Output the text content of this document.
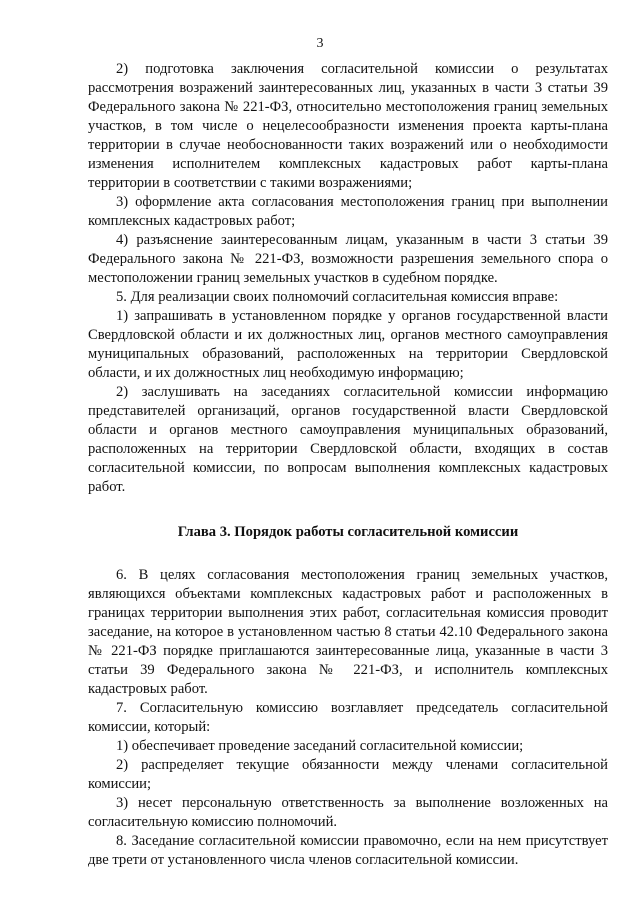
3

2) подготовка заключения согласительной комиссии о результатах рассмотрения возражений заинтересованных лиц, указанных в части 3 статьи 39 Федерального закона № 221-ФЗ, относительно местоположения границ земельных участков, в том числе о нецелесообразности изменения проекта карты-плана территории в случае необоснованности таких возражений или о необходимости изменения исполнителем комплексных кадастровых работ карты-плана территории в соответствии с такими возражениями;

3) оформление акта согласования местоположения границ при выполнении комплексных кадастровых работ;

4) разъяснение заинтересованным лицам, указанным в части 3 статьи 39 Федерального закона № 221-ФЗ, возможности разрешения земельного спора о местоположении границ земельных участков в судебном порядке.

5. Для реализации своих полномочий согласительная комиссия вправе:

1) запрашивать в установленном порядке у органов государственной власти Свердловской области и их должностных лиц, органов местного самоуправления муниципальных образований, расположенных на территории Свердловской области, и их должностных лиц необходимую информацию;

2) заслушивать на заседаниях согласительной комиссии информацию представителей организаций, органов государственной власти Свердловской области и органов местного самоуправления муниципальных образований, расположенных на территории Свердловской области, входящих в состав согласительной комиссии, по вопросам выполнения комплексных кадастровых работ.

Глава 3. Порядок работы согласительной комиссии

6. В целях согласования местоположения границ земельных участков, являющихся объектами комплексных кадастровых работ и расположенных в границах территории выполнения этих работ, согласительная комиссия проводит заседание, на которое в установленном частью 8 статьи 42.10 Федерального закона № 221-ФЗ порядке приглашаются заинтересованные лица, указанные в части 3 статьи 39 Федерального закона № 221-ФЗ, и исполнитель комплексных кадастровых работ.

7. Согласительную комиссию возглавляет председатель согласительной комиссии, который:

1) обеспечивает проведение заседаний согласительной комиссии;

2) распределяет текущие обязанности между членами согласительной комиссии;

3) несет персональную ответственность за выполнение возложенных на согласительную комиссию полномочий.

8. Заседание согласительной комиссии правомочно, если на нем присутствует две трети от установленного числа членов согласительной комиссии.
